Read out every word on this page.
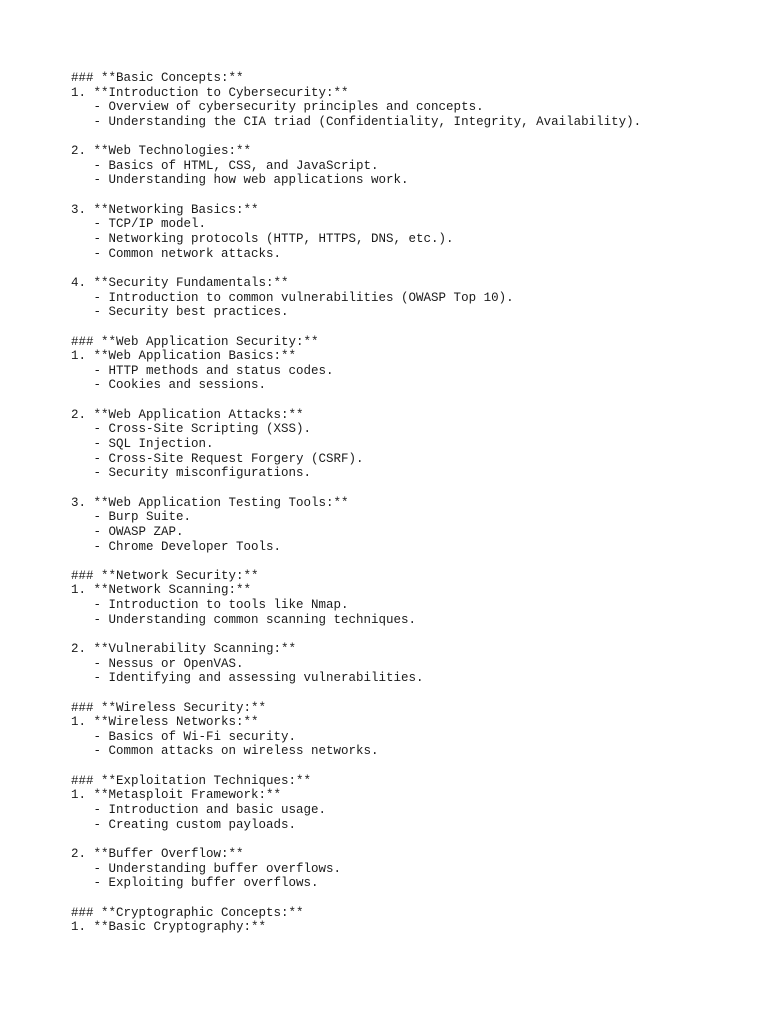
### **Basic Concepts:**
1. **Introduction to Cybersecurity:**
- Overview of cybersecurity principles and concepts.
- Understanding the CIA triad (Confidentiality, Integrity, Availability).
2. **Web Technologies:**
- Basics of HTML, CSS, and JavaScript.
- Understanding how web applications work.
3. **Networking Basics:**
- TCP/IP model.
- Networking protocols (HTTP, HTTPS, DNS, etc.).
- Common network attacks.
4. **Security Fundamentals:**
- Introduction to common vulnerabilities (OWASP Top 10).
- Security best practices.
### **Web Application Security:**
1. **Web Application Basics:**
- HTTP methods and status codes.
- Cookies and sessions.
2. **Web Application Attacks:**
- Cross-Site Scripting (XSS).
- SQL Injection.
- Cross-Site Request Forgery (CSRF).
- Security misconfigurations.
3. **Web Application Testing Tools:**
- Burp Suite.
- OWASP ZAP.
- Chrome Developer Tools.
### **Network Security:**
1. **Network Scanning:**
- Introduction to tools like Nmap.
- Understanding common scanning techniques.
2. **Vulnerability Scanning:**
- Nessus or OpenVAS.
- Identifying and assessing vulnerabilities.
### **Wireless Security:**
1. **Wireless Networks:**
- Basics of Wi-Fi security.
- Common attacks on wireless networks.
### **Exploitation Techniques:**
1. **Metasploit Framework:**
- Introduction and basic usage.
- Creating custom payloads.
2. **Buffer Overflow:**
- Understanding buffer overflows.
- Exploiting buffer overflows.
### **Cryptographic Concepts:**
1. **Basic Cryptography:**
